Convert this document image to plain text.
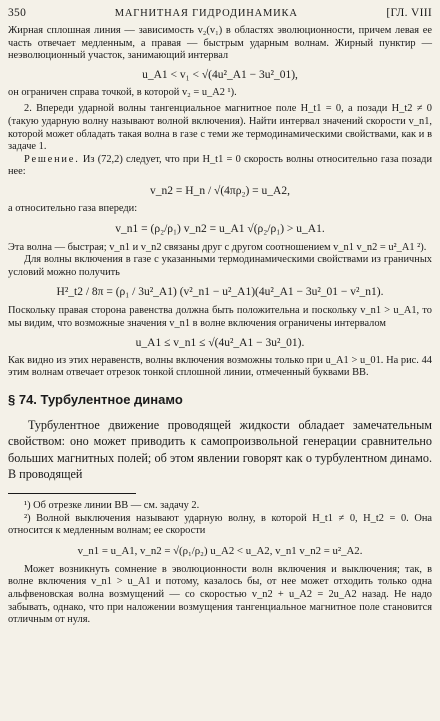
350	МАГНИТНАЯ ГИДРОДИНАМИКА	[ГЛ. VIII

Жирная сплошная линия — зависимость v₂(v₁) в областях эволюционности, причем левая ее часть отвечает медленным, а правая — быстрым ударным волнам. Жирный пунктир — неэволюционный участок, занимающий интервал

u_A1 < v₁ < √(4u²_A1 − 3u²_01),

он ограничен справа точкой, в которой v₂ = u_A2 ¹).

2. Впереди ударной волны тангенциальное магнитное поле H_t1 = 0, а позади H_t2 ≠ 0 (такую ударную волну называют волной включения). Найти интервал значений скорости v_n1, которой может обладать такая волна в газе с теми же термодинамическими свойствами, как и в задаче 1.

Решение. Из (72,2) следует, что при H_t1 = 0 скорость волны относительно газа позади нее:

v_n2 = H_n / √(4πρ₂) = u_A2,

а относительно газа впереди:

v_n1 = (ρ₂/ρ₁) v_n2 = u_A1 √(ρ₂/ρ₁) > u_A1.

Эта волна — быстрая; v_n1 и v_n2 связаны друг с другом соотношением v_n1 v_n2 = u²_A1 ²).

Для волны включения в газе с указанными термодинамическими свойствами из граничных условий можно получить

H²_t2 / 8π = (ρ₁ / 3u²_A1) (v²_n1 − u²_A1)(4u²_A1 − 3u²_01 − v²_n1).

Поскольку правая сторона равенства должна быть положительна и поскольку v_n1 > u_A1, то мы видим, что возможные значения v_n1 в волне включения ограничены интервалом

u_A1 ≤ v_n1 ≤ √(4u²_A1 − 3u²_01).

Как видно из этих неравенств, волны включения возможны только при u_A1 > u_01. На рис. 44 этим волнам отвечает отрезок тонкой сплошной линии, отмеченный буквами BB.

§ 74. Турбулентное динамо

Турбулентное движение проводящей жидкости обладает замечательным свойством: оно может приводить к самопроизвольной генерации сравнительно больших магнитных полей; об этом явлении говорят как о турбулентном динамо. В проводящей

¹) Об отрезке линии BB — см. задачу 2.

²) Волной выключения называют ударную волну, в которой H_t1 ≠ 0, H_t2 = 0. Она относится к медленным волнам; ее скорости

v_n1 = u_A1, v_n2 = √(ρ₁/ρ₂) u_A2 < u_A2, v_n1 v_n2 = u²_A2.

Может возникнуть сомнение в эволюционности волн включения и выключения; так, в волне включения v_n1 > u_A1 и потому, казалось бы, от нее может отходить только одна альфвеновская волна возмущений — со скоростью v_n2 + u_A2 = 2u_A2 назад. Не надо забывать, однако, что при наложении возмущения тангенциальное магнитное поле становится отличным от нуля.
